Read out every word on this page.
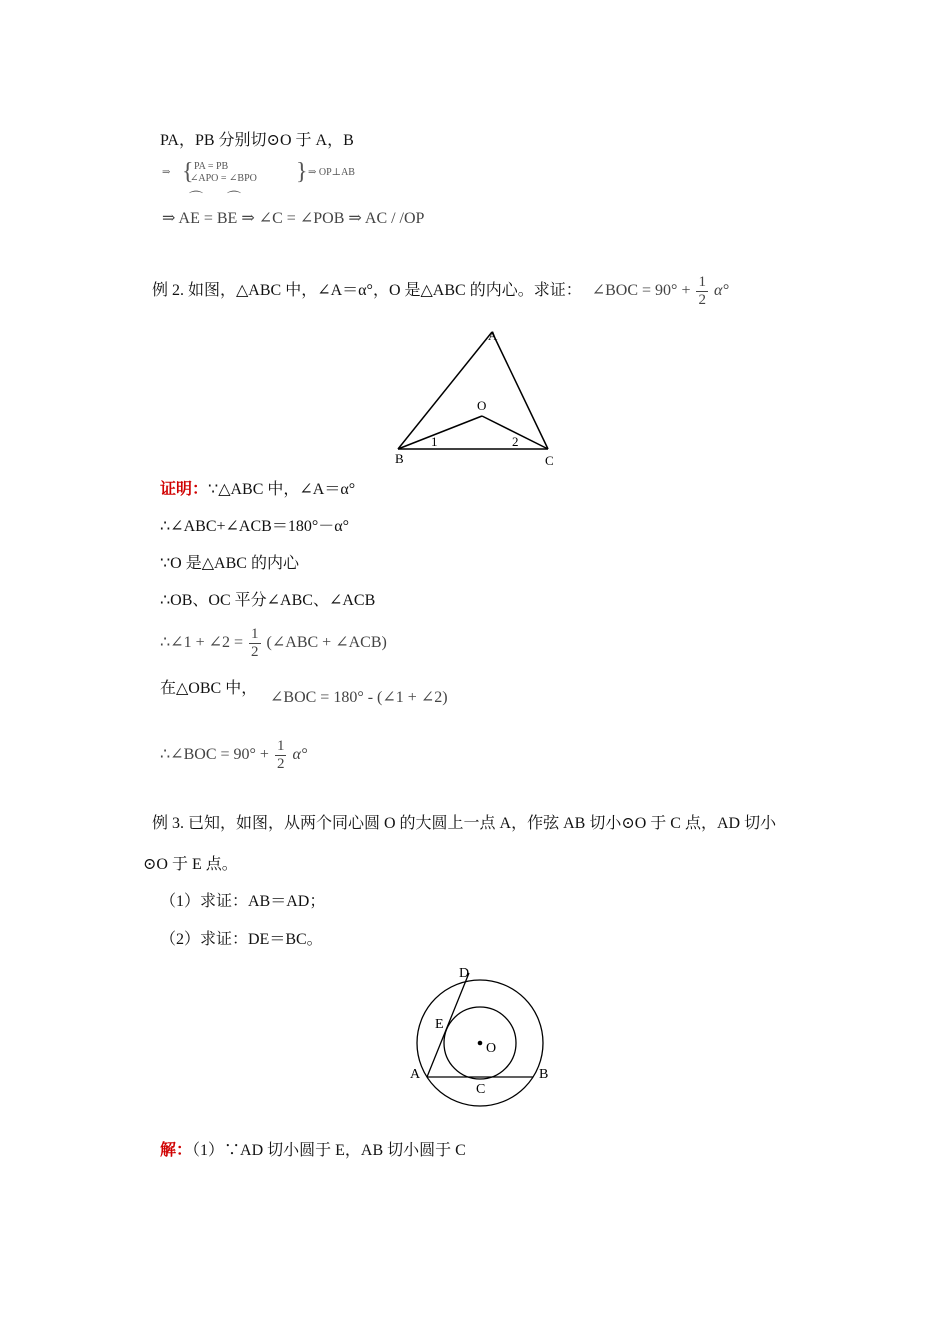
PA，PB 分别切⊙O 于 A，B
⇒ { PA = PB
∠APO = ∠BPO } ⇒ OP⊥AB
⌒ ⌒
⇒ AE = BE ⇒ ∠C = ∠POB ⇒ AC / /OP
例 2. 如图，△ABC 中，∠A＝α°，O 是△ABC 的内心。求证： ∠BOC = $90^\circ + \frac{1}{2} \alpha^\circ$
A
B	C
O
1	2
证明：∵△ABC 中，∠A＝α°
∴∠ABC+∠ACB＝180°－α°
∵O 是△ABC 的内心
∴OB、OC 平分∠ABC、∠ACB
∴∠1 + ∠2 = $\frac{1}{2}$ (∠ABC + ∠ACB)
在△OBC 中，
∠BOC = 180° - (∠1 + ∠2)
∴∠BOC = $90^\circ + \frac{1}{2} \alpha^\circ$
例 3. 已知，如图，从两个同心圆 O 的大圆上一点 A，作弦 AB 切小⊙O 于 C 点，AD 切小
⊙O 于 E 点。
（1）求证：AB＝AD；
（2）求证：DE＝BC。
D
E
O
A	B
C
解：（1）∵AD 切小圆于 E，AB 切小圆于 C
